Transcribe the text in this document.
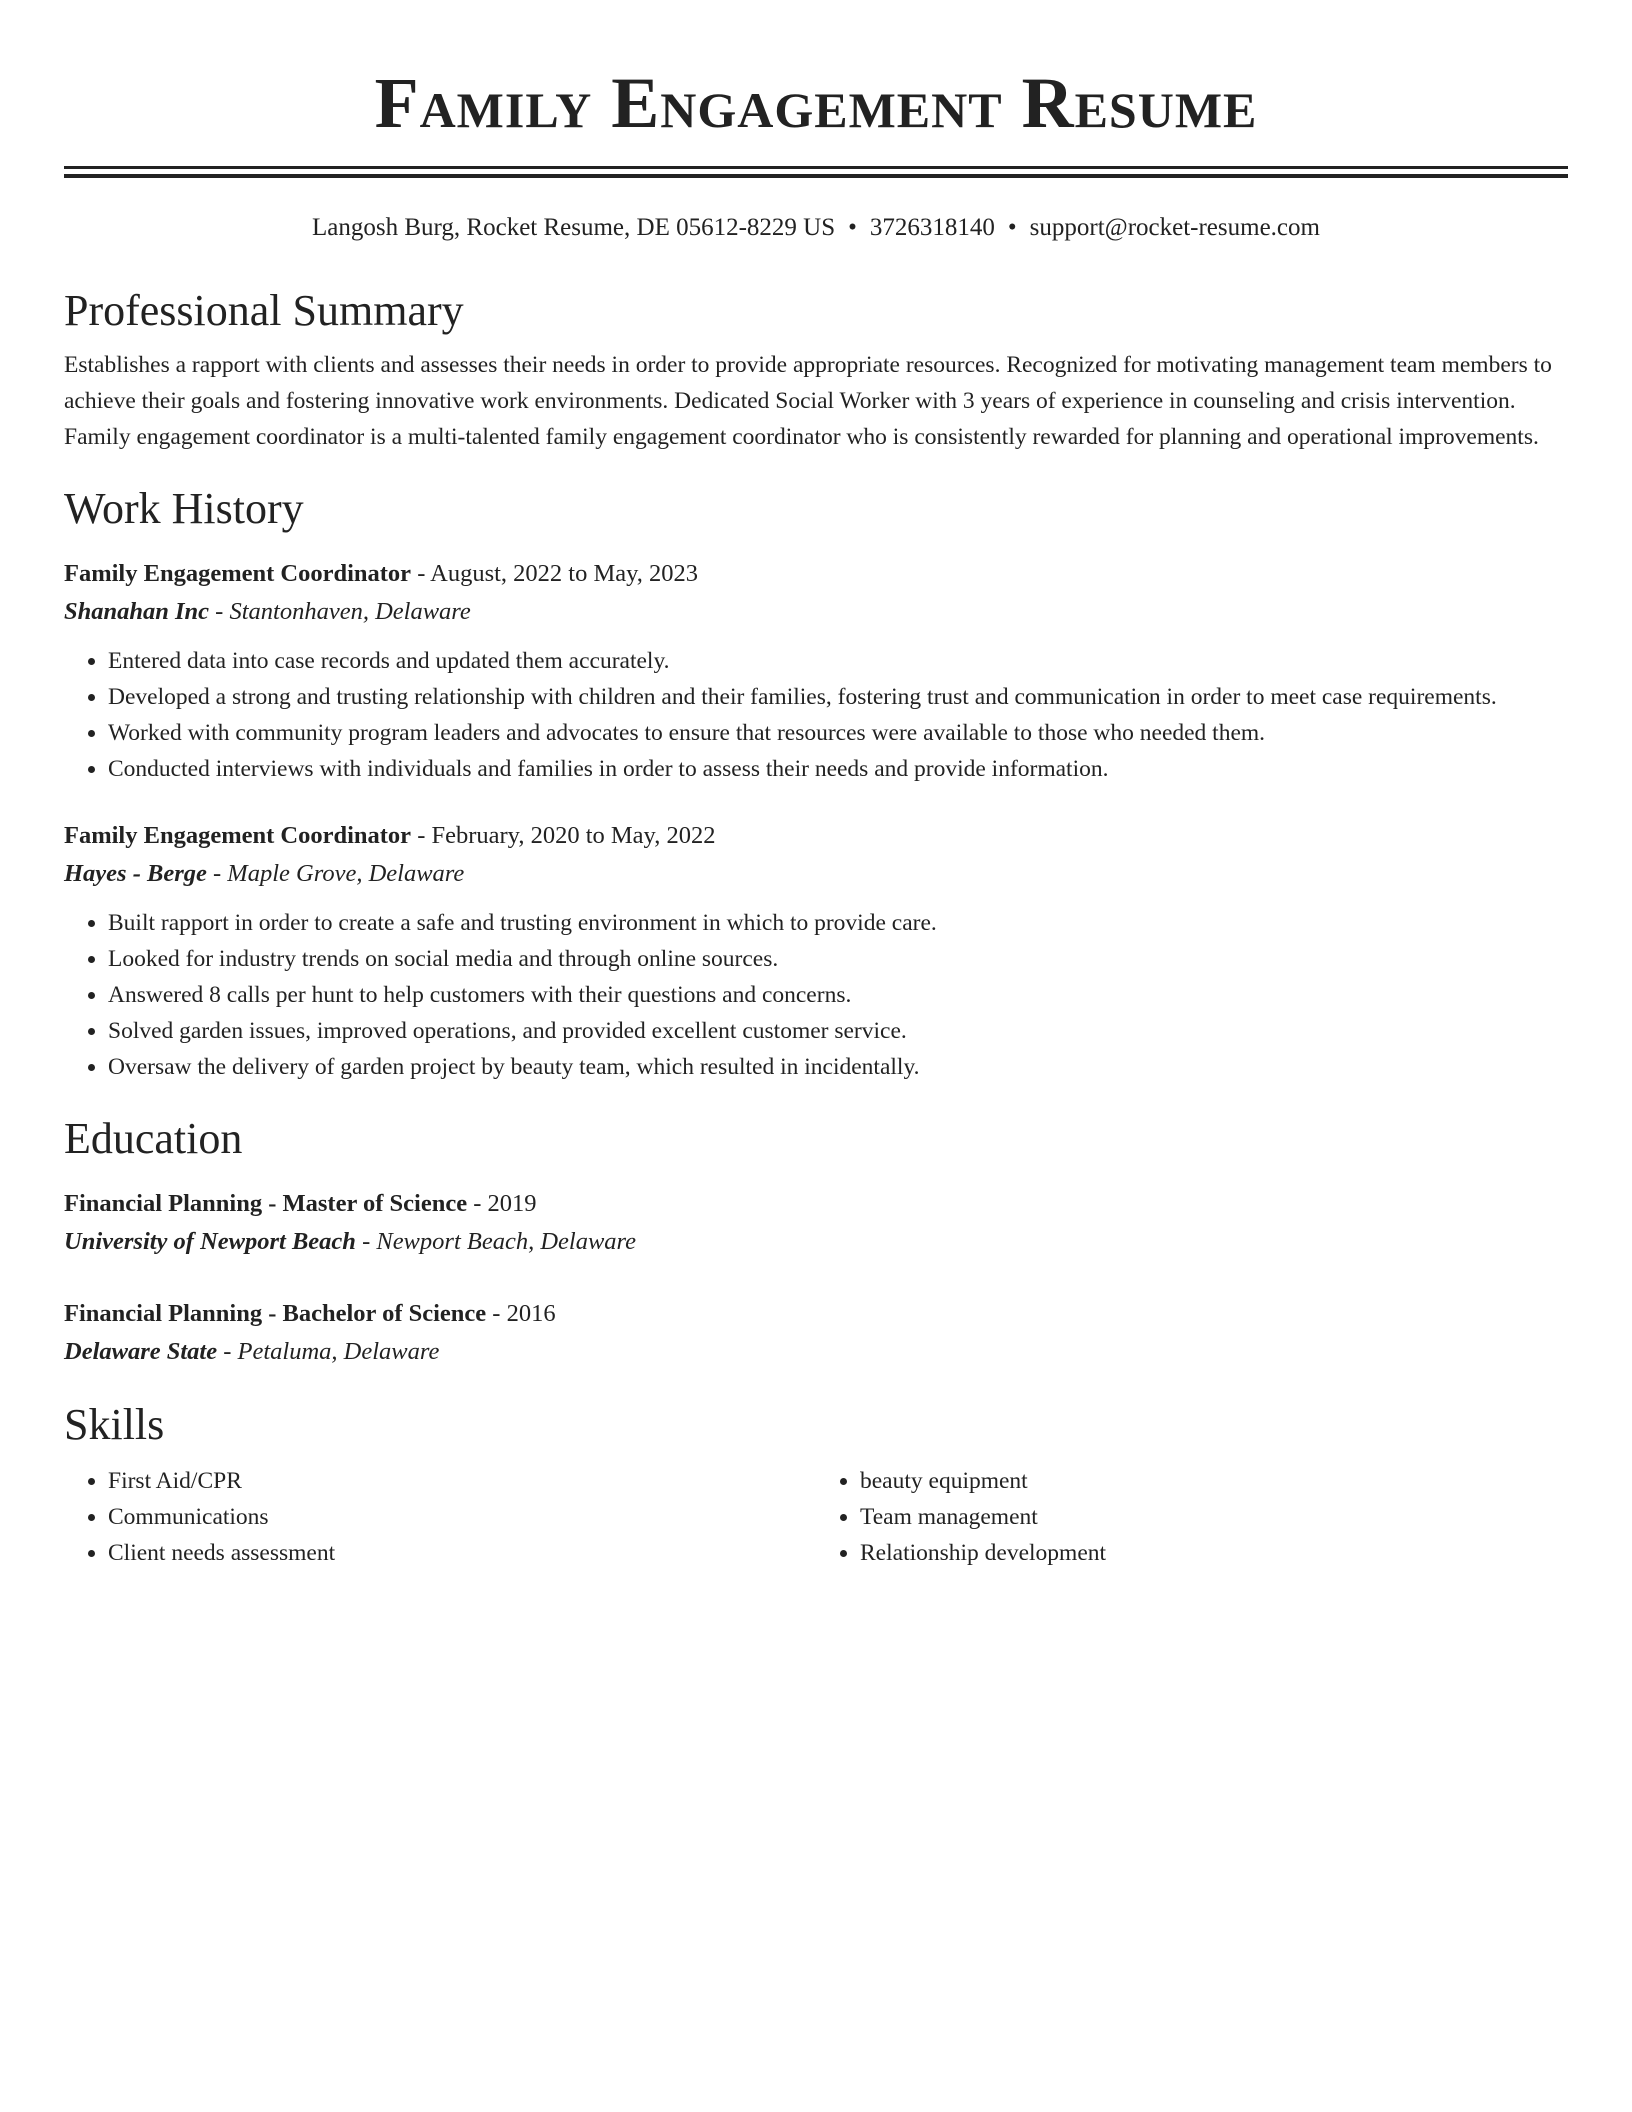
Family Engagement Resume
Langosh Burg, Rocket Resume, DE 05612-8229 US • 3726318140 • support@rocket-resume.com
Professional Summary

Establishes a rapport with clients and assesses their needs in order to provide appropriate resources. Recognized for motivating management team members to achieve their goals and fostering innovative work environments. Dedicated Social Worker with 3 years of experience in counseling and crisis intervention. Family engagement coordinator is a multi-talented family engagement coordinator who is consistently rewarded for planning and operational improvements.

Work History
Family Engagement Coordinator - August, 2022 to May, 2023
Shanahan Inc - Stantonhaven, Delaware
• Entered data into case records and updated them accurately.
• Developed a strong and trusting relationship with children and their families, fostering trust and communication in order to meet case requirements.
• Worked with community program leaders and advocates to ensure that resources were available to those who needed them.
• Conducted interviews with individuals and families in order to assess their needs and provide information.
Family Engagement Coordinator - February, 2020 to May, 2022
Hayes - Berge - Maple Grove, Delaware
• Built rapport in order to create a safe and trusting environment in which to provide care.
• Looked for industry trends on social media and through online sources.
• Answered 8 calls per hunt to help customers with their questions and concerns.
• Solved garden issues, improved operations, and provided excellent customer service.
• Oversaw the delivery of garden project by beauty team, which resulted in incidentally.
Education
Financial Planning - Master of Science - 2019
University of Newport Beach - Newport Beach, Delaware
Financial Planning - Bachelor of Science - 2016
Delaware State - Petaluma, Delaware
Skills
• First Aid/CPR
• Communications
• Client needs assessment
• beauty equipment
• Team management
• Relationship development
